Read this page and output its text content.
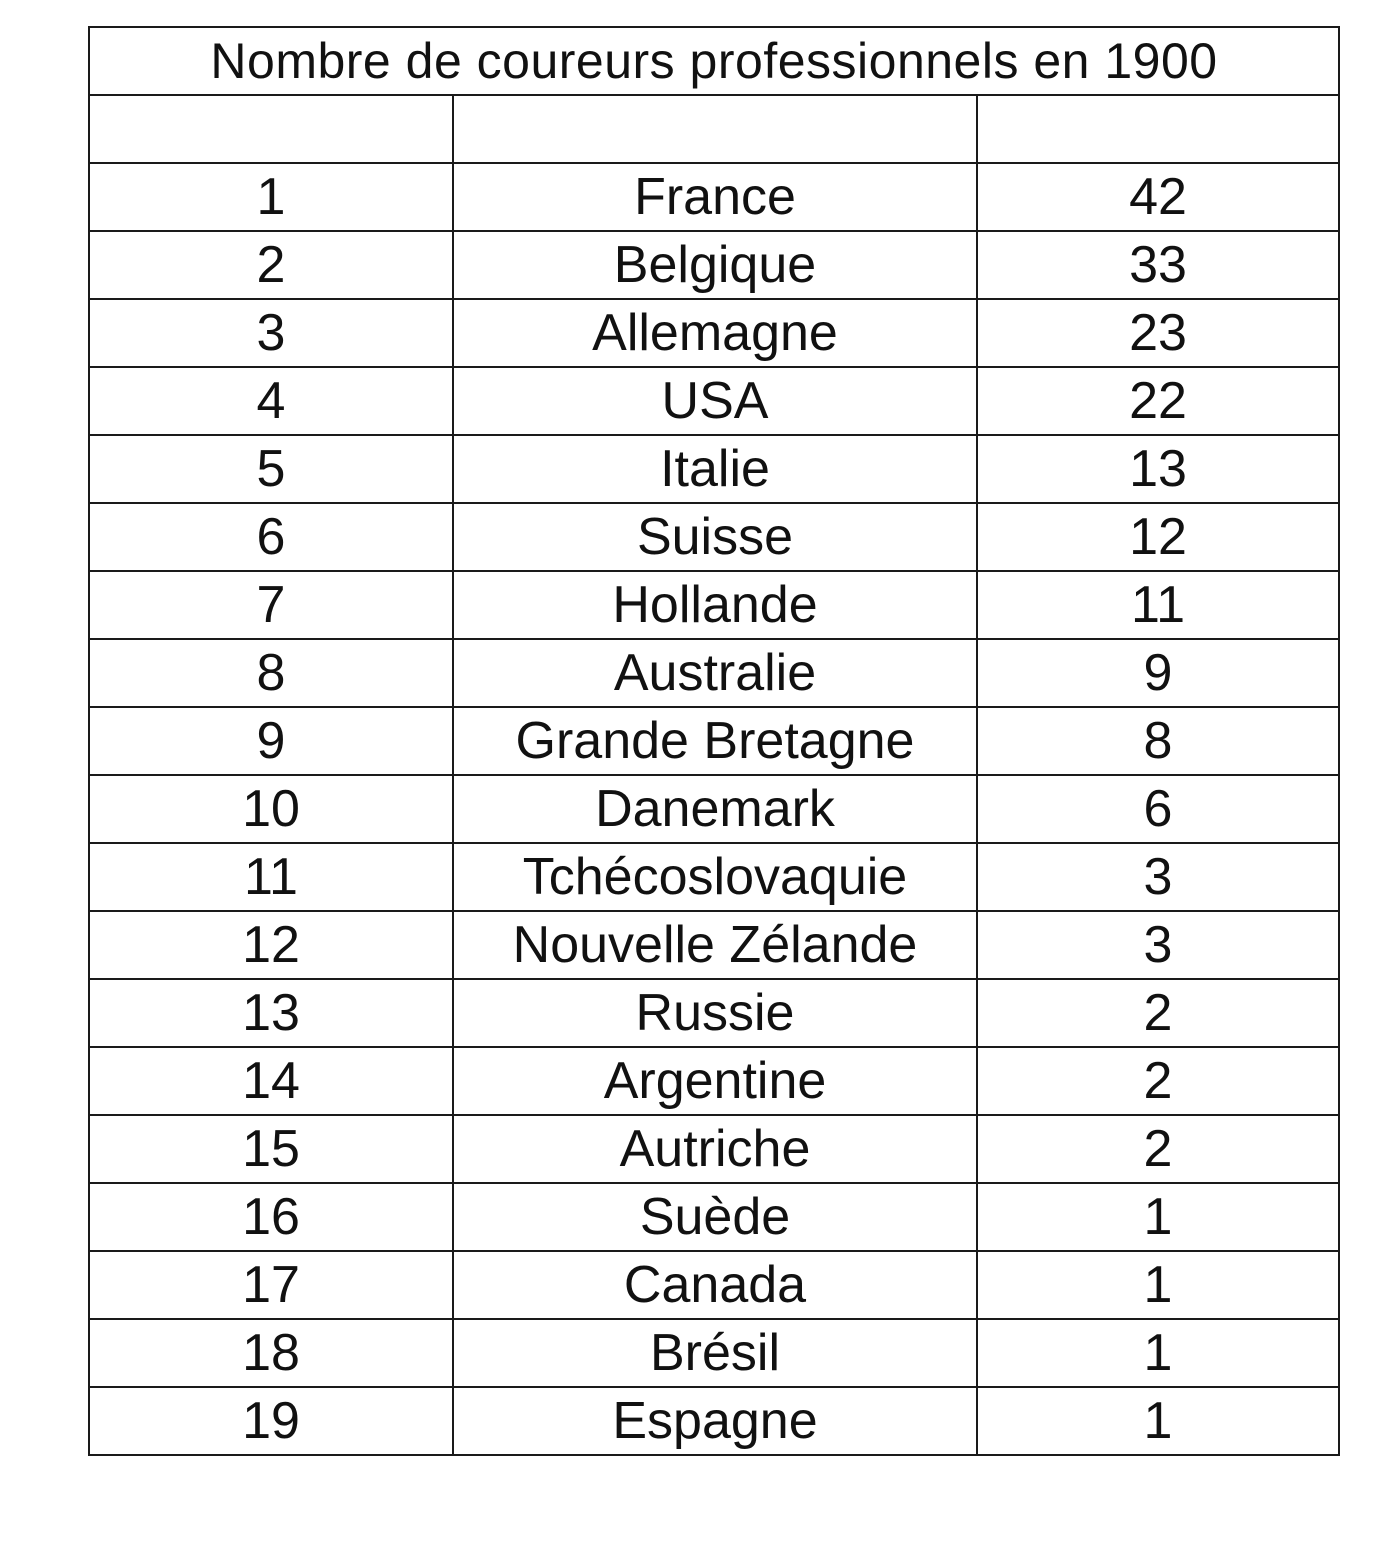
Nombre de coureurs professionnels en 1900		

1	France	42
2	Belgique	33
3	Allemagne	23
4	USA	22
5	Italie	13
6	Suisse	12
7	Hollande	11
8	Australie	9
9	Grande Bretagne	8
10	Danemark	6
11	Tchécoslovaquie	3
12	Nouvelle Zélande	3
13	Russie	2
14	Argentine	2
15	Autriche	2
16	Suède	1
17	Canada	1
18	Brésil	1
19	Espagne	1
